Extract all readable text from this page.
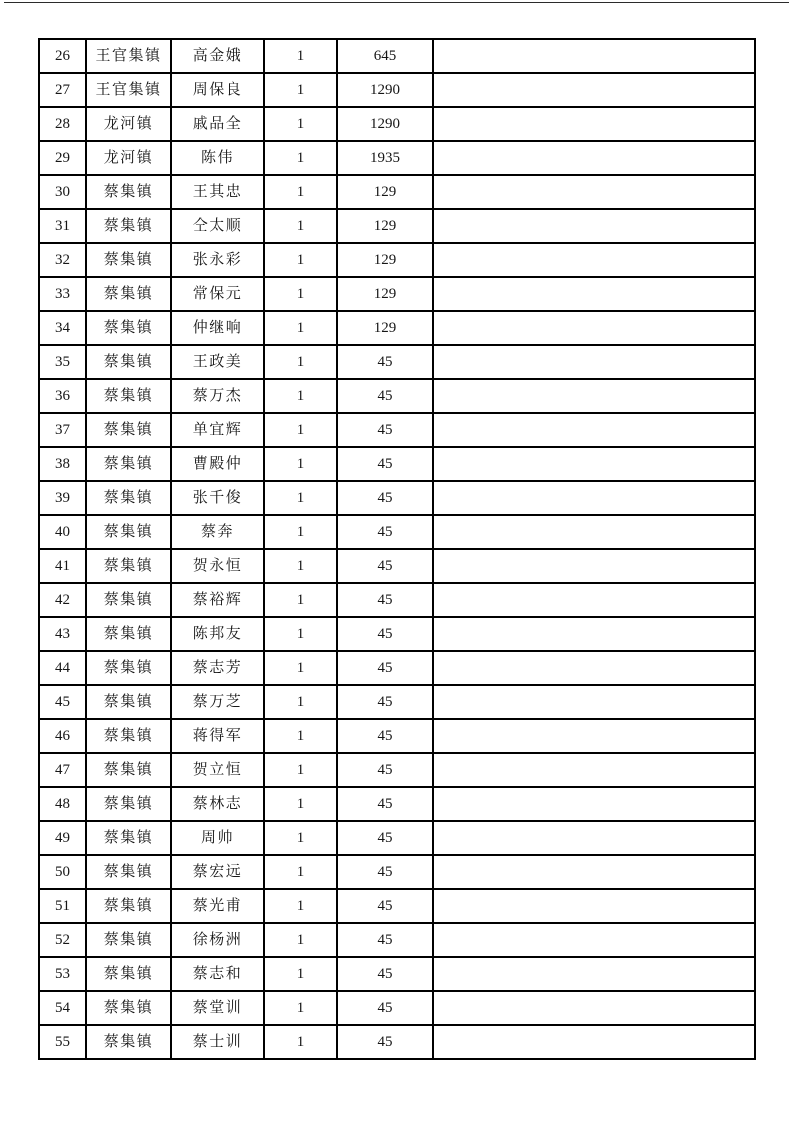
26	王官集镇	高金娥	1	645	
27	王官集镇	周保良	1	1290	
28	龙河镇	戚品全	1	1290	
29	龙河镇	陈伟	1	1935	
30	蔡集镇	王其忠	1	129	
31	蔡集镇	仝太顺	1	129	
32	蔡集镇	张永彩	1	129	
33	蔡集镇	常保元	1	129	
34	蔡集镇	仲继响	1	129	
35	蔡集镇	王政美	1	45	
36	蔡集镇	蔡万杰	1	45	
37	蔡集镇	单宜辉	1	45	
38	蔡集镇	曹殿仲	1	45	
39	蔡集镇	张千俊	1	45	
40	蔡集镇	蔡奔	1	45	
41	蔡集镇	贺永恒	1	45	
42	蔡集镇	蔡裕辉	1	45	
43	蔡集镇	陈邦友	1	45	
44	蔡集镇	蔡志芳	1	45	
45	蔡集镇	蔡万芝	1	45	
46	蔡集镇	蒋得军	1	45	
47	蔡集镇	贺立恒	1	45	
48	蔡集镇	蔡林志	1	45	
49	蔡集镇	周帅	1	45	
50	蔡集镇	蔡宏远	1	45	
51	蔡集镇	蔡光甫	1	45	
52	蔡集镇	徐杨洲	1	45	
53	蔡集镇	蔡志和	1	45	
54	蔡集镇	蔡堂训	1	45	
55	蔡集镇	蔡士训	1	45	
